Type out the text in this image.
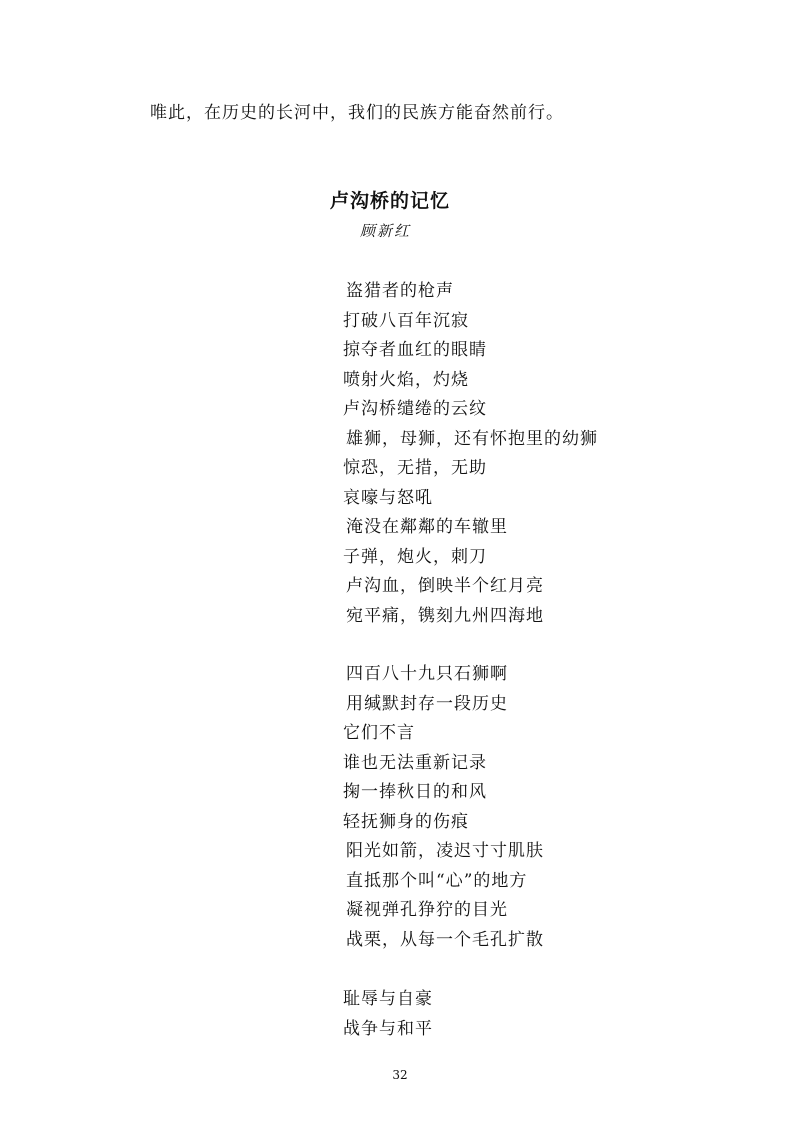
唯此，在历史的长河中，我们的民族方能奋然前行。
卢沟桥的记忆
顾新红
盗猎者的枪声
打破八百年沉寂
掠夺者血红的眼睛
喷射火焰，灼烧
卢沟桥缱绻的云纹
雄狮，母狮，还有怀抱里的幼狮
惊恐，无措，无助
哀嚎与怒吼
淹没在鄰鄰的车辙里
子弹，炮火，刺刀
卢沟血，倒映半个红月亮
宛平痛，镌刻九州四海地
四百八十九只石狮啊
用缄默封存一段历史
它们不言
谁也无法重新记录
掬一捧秋日的和风
轻抚狮身的伤痕
阳光如箭，凌迟寸寸肌肤
直抵那个叫“心”的地方
凝视弹孔狰狞的目光
战栗，从每一个毛孔扩散
耻辱与自豪
战争与和平
32
